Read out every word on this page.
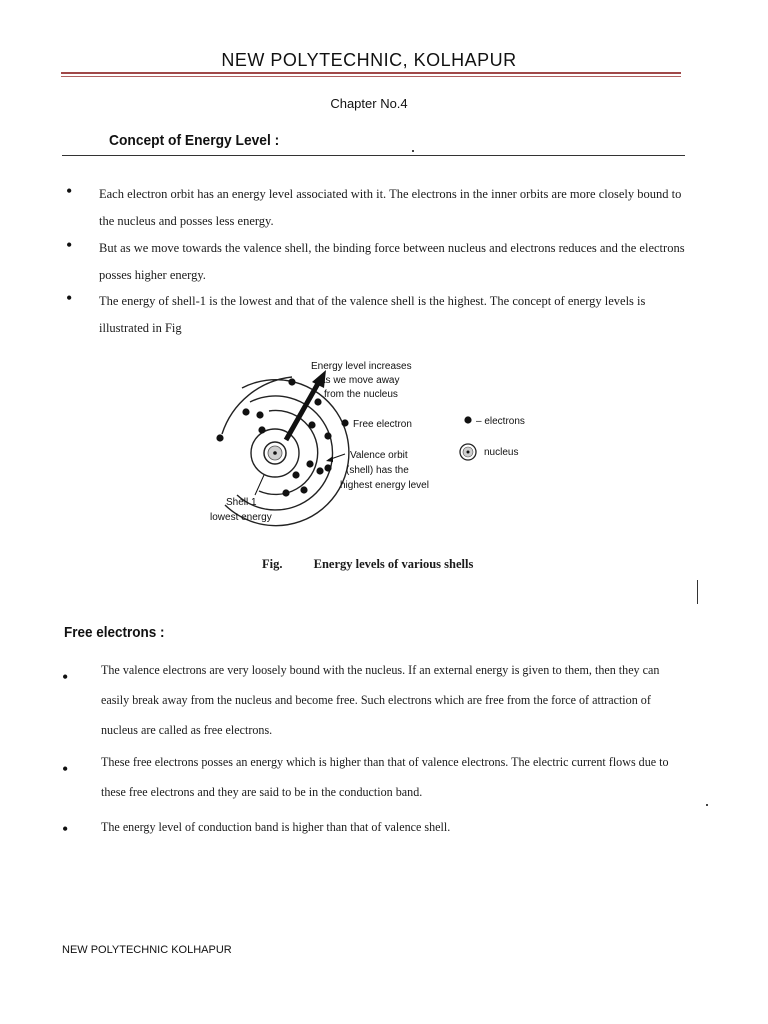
NEW POLYTECHNIC, KOLHAPUR
Chapter No.4
Concept of Energy Level :
• Each electron orbit has an energy level associated with it. The electrons in the inner orbits are more closely bound to the nucleus and posses less energy.
• But as we move towards the valence shell, the binding force between nucleus and electrons reduces and the electrons posses higher energy.
• The energy of shell-1 is the lowest and that of the valence shell is the highest. The concept of energy levels is illustrated in Fig
Energy level increases
as we move away
from the nucleus
Free electron
Valence orbit
(shell) has the
highest energy level
Shell 1
lowest energy
– electrons
nucleus
Fig. Energy levels of various shells
Free electrons :
•	The valence electrons are very loosely bound with the nucleus. If an external energy is given to them, then they can easily break away from the nucleus and become free. Such electrons which are free from the force of attraction of nucleus are called as free electrons.
•	These free electrons posses an energy which is higher than that of valence electrons. The electric current flows due to these free electrons and they are said to be in the conduction band.
•	The energy level of conduction band is higher than that of valence shell.
NEW POLYTECHNIC KOLHAPUR
